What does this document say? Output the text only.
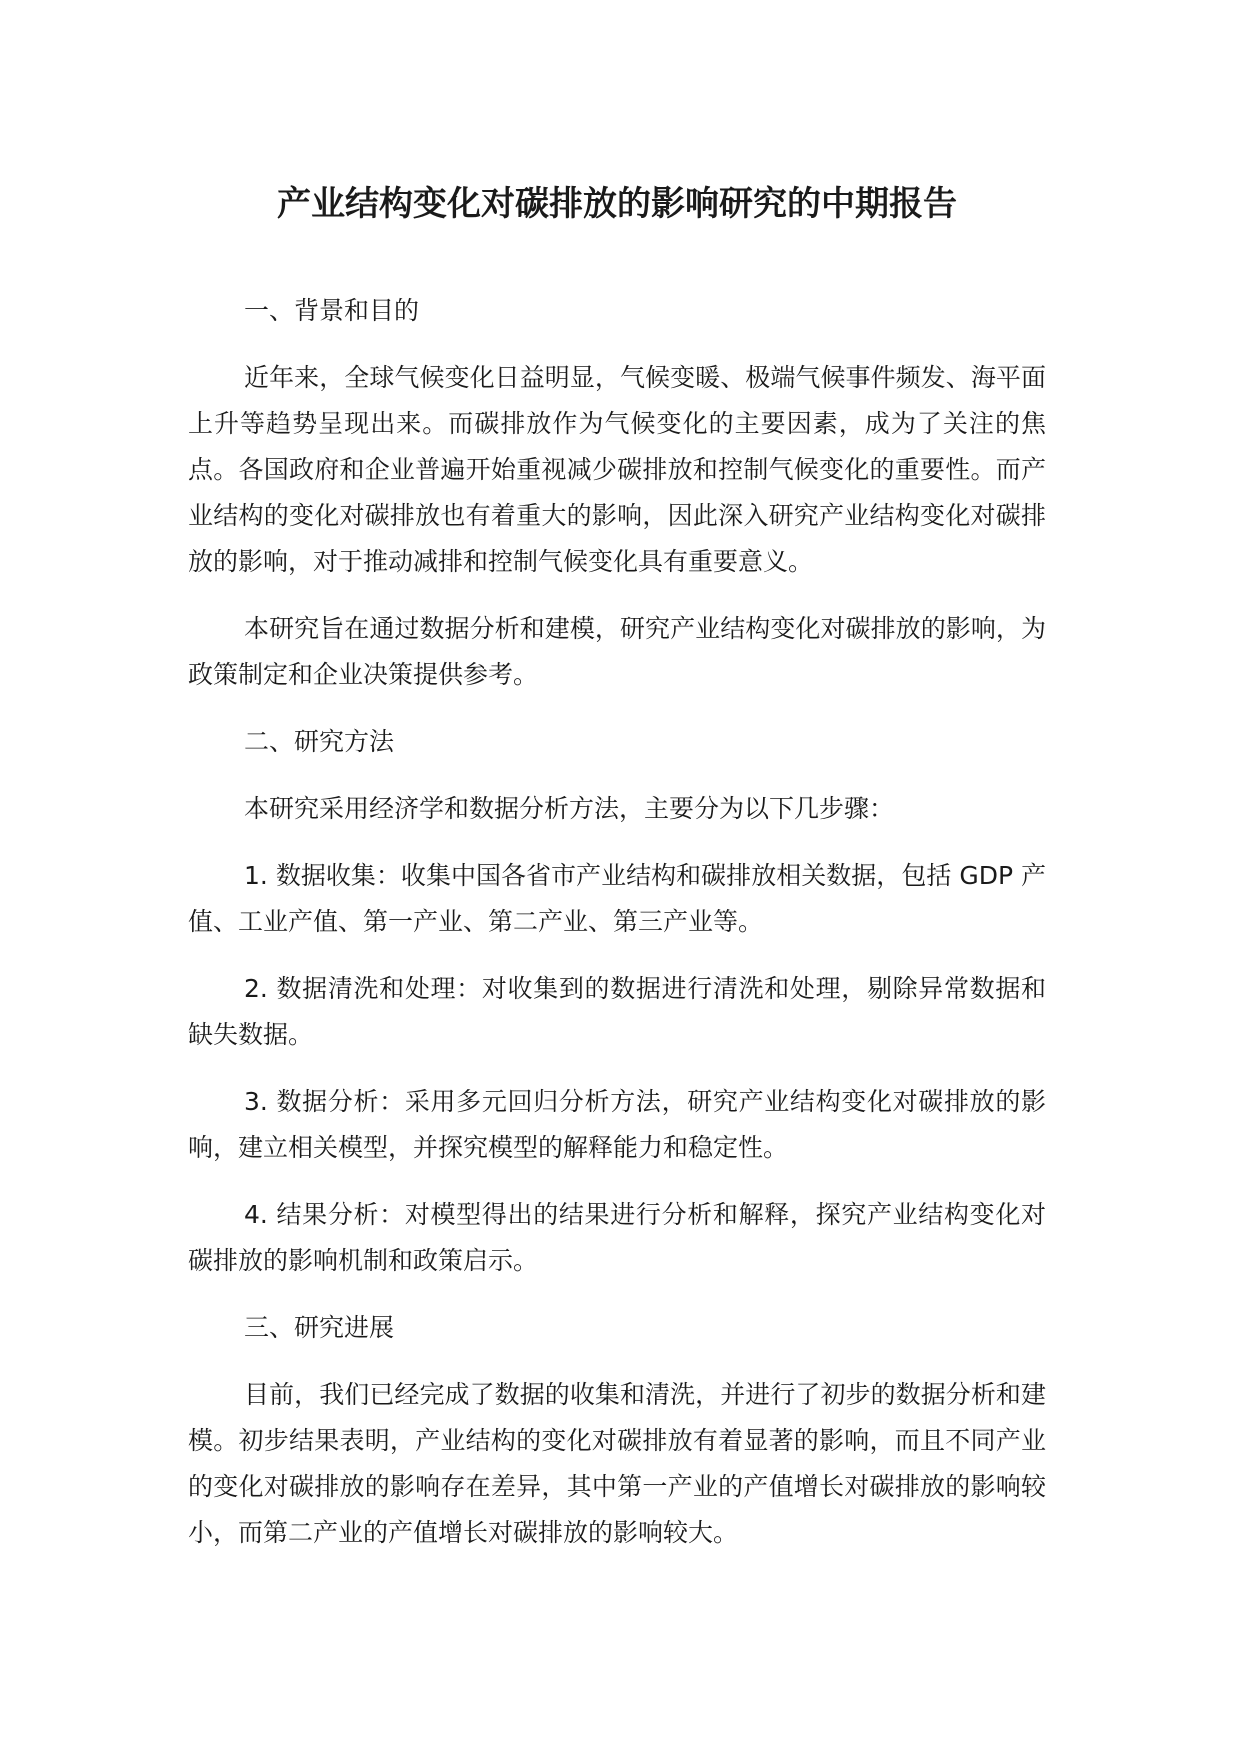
产业结构变化对碳排放的影响研究的中期报告

一、背景和目的

近年来，全球气候变化日益明显，气候变暖、极端气候事件频发、海平面上升等趋势呈现出来。而碳排放作为气候变化的主要因素，成为了关注的焦点。各国政府和企业普遍开始重视减少碳排放和控制气候变化的重要性。而产业结构的变化对碳排放也有着重大的影响，因此深入研究产业结构变化对碳排放的影响，对于推动减排和控制气候变化具有重要意义。

本研究旨在通过数据分析和建模，研究产业结构变化对碳排放的影响，为政策制定和企业决策提供参考。

二、研究方法

本研究采用经济学和数据分析方法，主要分为以下几步骤：

1. 数据收集：收集中国各省市产业结构和碳排放相关数据，包括 GDP 产值、工业产值、第一产业、第二产业、第三产业等。

2. 数据清洗和处理：对收集到的数据进行清洗和处理，剔除异常数据和缺失数据。

3. 数据分析：采用多元回归分析方法，研究产业结构变化对碳排放的影响，建立相关模型，并探究模型的解释能力和稳定性。

4. 结果分析：对模型得出的结果进行分析和解释，探究产业结构变化对碳排放的影响机制和政策启示。

三、研究进展

目前，我们已经完成了数据的收集和清洗，并进行了初步的数据分析和建模。初步结果表明，产业结构的变化对碳排放有着显著的影响，而且不同产业的变化对碳排放的影响存在差异，其中第一产业的产值增长对碳排放的影响较小，而第二产业的产值增长对碳排放的影响较大。
